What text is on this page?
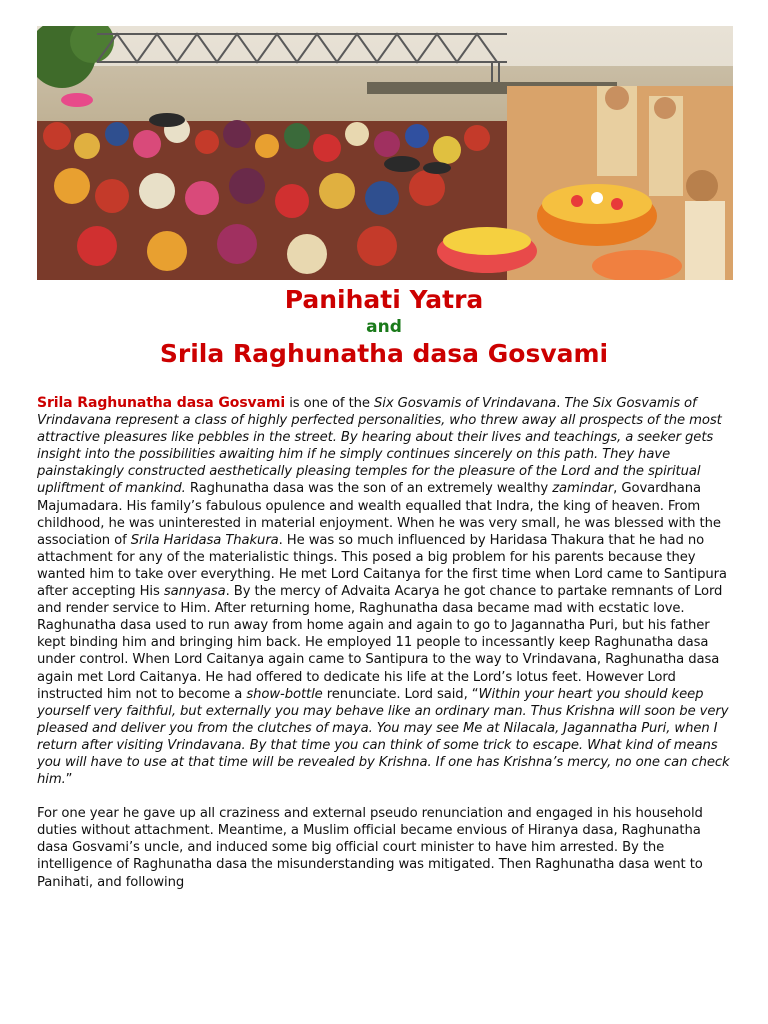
Panihati Yatra
and
Srila Raghunatha dasa Gosvami

Srila Raghunatha dasa Gosvami is one of the Six Gosvamis of Vrindavana. The Six Gosvamis of Vrindavana represent a class of highly perfected personalities, who threw away all prospects of the most attractive pleasures like pebbles in the street. By hearing about their lives and teachings, a seeker gets insight into the possibilities awaiting him if he simply continues sincerely on this path. They have painstakingly constructed aesthetically pleasing temples for the pleasure of the Lord and the spiritual upliftment of mankind. Raghunatha dasa was the son of an extremely wealthy zamindar, Govardhana Majumadara. His family’s fabulous opulence and wealth equalled that Indra, the king of heaven. From childhood, he was uninterested in material enjoyment. When he was very small, he was blessed with the association of Srila Haridasa Thakura. He was so much influenced by Haridasa Thakura that he had no attachment for any of the materialistic things. This posed a big problem for his parents because they wanted him to take over everything. He met Lord Caitanya for the first time when Lord came to Santipura after accepting His sannyasa. By the mercy of Advaita Acarya he got chance to partake remnants of Lord and render service to Him. After returning home, Raghunatha dasa became mad with ecstatic love. Raghunatha dasa used to run away from home again and again to go to Jagannatha Puri, but his father kept binding him and bringing him back. He employed 11 people to incessantly keep Raghunatha dasa under control. When Lord Caitanya again came to Santipura to the way to Vrindavana, Raghunatha dasa again met Lord Caitanya. He had offered to dedicate his life at the Lord’s lotus feet. However Lord instructed him not to become a show-bottle renunciate. Lord said, “Within your heart you should keep yourself very faithful, but externally you may behave like an ordinary man. Thus Krishna will soon be very pleased and deliver you from the clutches of maya. You may see Me at Nilacala, Jagannatha Puri, when I return after visiting Vrindavana. By that time you can think of some trick to escape. What kind of means you will have to use at that time will be revealed by Krishna. If one has Krishna’s mercy, no one can check him.”

For one year he gave up all craziness and external pseudo renunciation and engaged in his household duties without attachment. Meantime, a Muslim official became envious of Hiranya dasa, Raghunatha dasa Gosvami’s uncle, and induced some big official court minister to have him arrested. By the intelligence of Raghunatha dasa the misunderstanding was mitigated. Then Raghunatha dasa went to Panihati, and following
